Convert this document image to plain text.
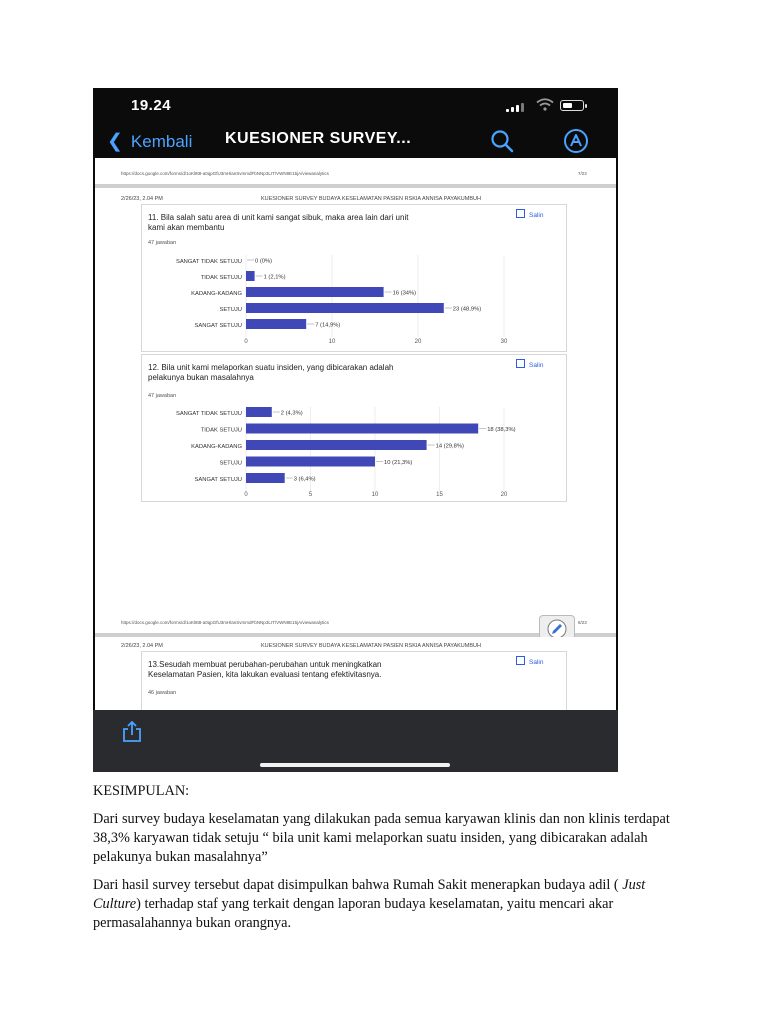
19.24
❮ Kembali KUESIONER SURVEY...
https://docs.google.com/forms/d/1oKl8t8-a0qpGfU3mHlanSvmmdFbNNp3LIT/VWN9E15jA/viewanalytics	7/23
2/26/23, 2.04 PM	KUESIONER SURVEY BUDAYA KESELAMATAN PASIEN RSKIA ANNISA PAYAKUMBUH
11. Bila salah satu area di unit kami sangat sibuk, maka area lain dari unit
kami akan membantu
Salin
47 jawaban
0	10	20	30
SANGAT TIDAK SETUJU 0 (0%)
TIDAK SETUJU	1 (2,1%)
KADANG-KADANG	16 (34%)
SETUJU	23 (48,9%)
SANGAT SETUJU	7 (14,9%)
12. Bila unit kami melaporkan suatu insiden, yang dibicarakan adalah
pelakunya bukan masalahnya
Salin
47 jawaban
0	5	10	15	20
SANGAT TIDAK SETUJU	2 (4,3%)
TIDAK SETUJU	18 (38,3%)
KADANG-KADANG	14 (29,8%)
SETUJU	10 (21,3%)
SANGAT SETUJU	3 (6,4%)
https://docs.google.com/forms/d/1oKl8t8-a0qpGfU3mHlanSvmmdFbNNp3LIT/VWN9E15jA/viewanalytics	8/23
2/26/23, 2.04 PM	KUESIONER SURVEY BUDAYA KESELAMATAN PASIEN RSKIA ANNISA PAYAKUMBUH
13.Sesudah membuat perubahan-perubahan untuk meningkatkan
Keselamatan Pasien, kita lakukan evaluasi tentang efektivitasnya.
Salin
46 jawaban
KESIMPULAN:
Dari survey budaya keselamatan yang dilakukan pada semua karyawan klinis dan non klinis terdapat 38,3% karyawan tidak setuju “ bila unit kami melaporkan suatu insiden, yang dibicarakan adalah pelakunya bukan masalahnya”
Dari hasil survey tersebut dapat disimpulkan bahwa Rumah Sakit menerapkan budaya adil ( Just Culture) terhadap staf yang terkait dengan laporan budaya keselamatan, yaitu mencari akar permasalahannya bukan orangnya.
